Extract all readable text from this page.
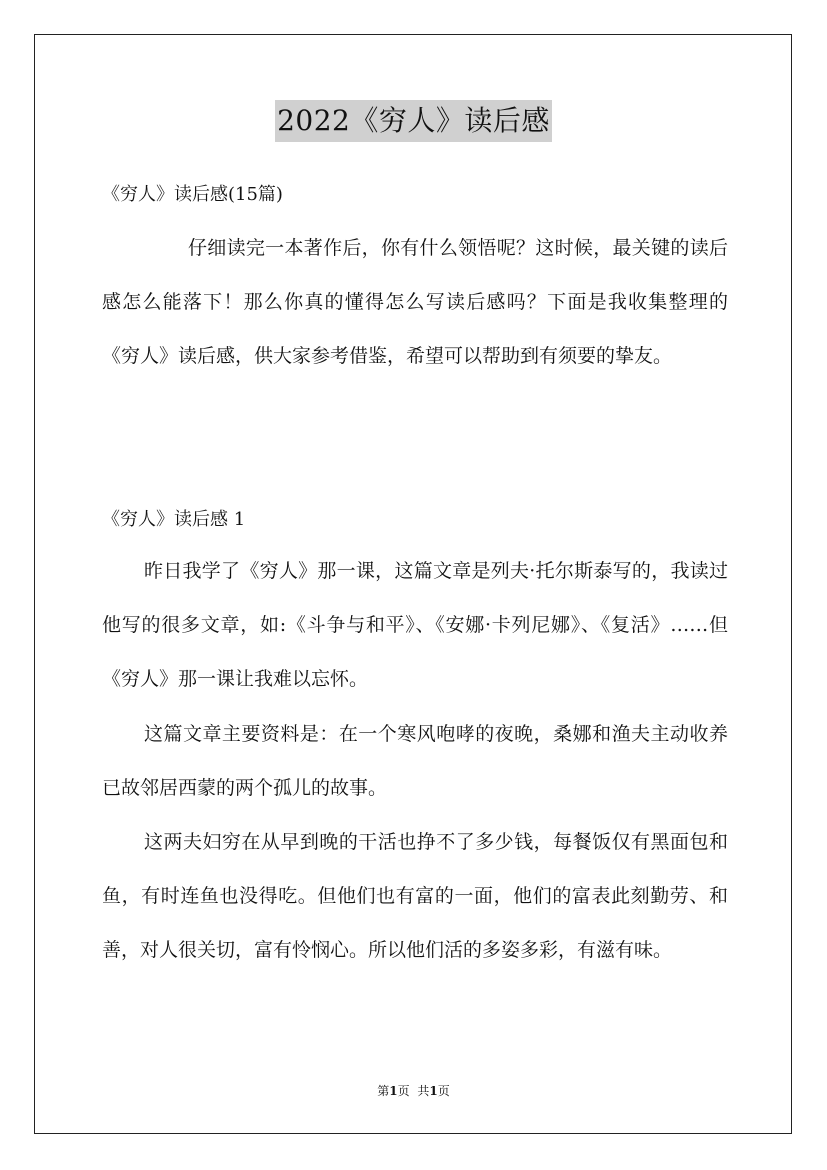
2022《穷人》读后感
《穷人》读后感(15篇)
仔细读完一本著作后，你有什么领悟呢？这时候，最关键的读后感怎么能落下！那么你真的懂得怎么写读后感吗？下面是我收集整理的《穷人》读后感，供大家参考借鉴，希望可以帮助到有须要的挚友。
《穷人》读后感 1
昨日我学了《穷人》那一课，这篇文章是列夫·托尔斯泰写的，我读过他写的很多文章，如:《斗争与和平》、《安娜·卡列尼娜》、《复活》……但《穷人》那一课让我难以忘怀。
这篇文章主要资料是：在一个寒风咆哮的夜晚，桑娜和渔夫主动收养已故邻居西蒙的两个孤儿的故事。
这两夫妇穷在从早到晚的干活也挣不了多少钱，每餐饭仅有黑面包和鱼，有时连鱼也没得吃。但他们也有富的一面，他们的富表此刻勤劳、和善，对人很关切，富有怜悯心。所以他们活的多姿多彩，有滋有味。
第1页 共1页
